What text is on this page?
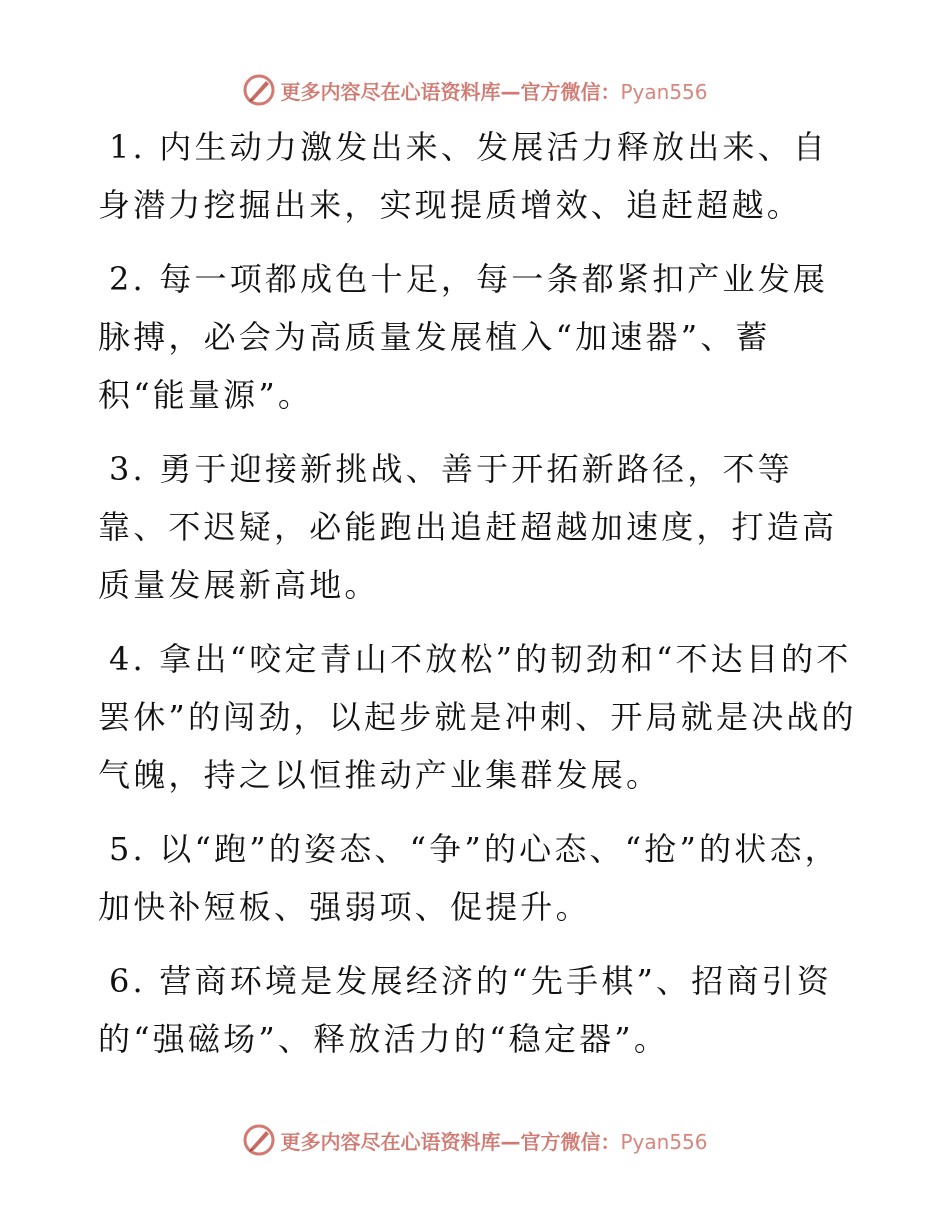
更多内容尽在心语资料库—官方微信：Pyan556

1. 内生动力激发出来、发展活力释放出来、自身潜力挖掘出来，实现提质增效、追赶超越。

2. 每一项都成色十足，每一条都紧扣产业发展脉搏，必会为高质量发展植入“加速器”、蓄积“能量源”。

3. 勇于迎接新挑战、善于开拓新路径，不等靠、不迟疑，必能跑出追赶超越加速度，打造高质量发展新高地。

4. 拿出“咬定青山不放松”的韧劲和“不达目的不罢休”的闯劲，以起步就是冲刺、开局就是决战的气魄，持之以恒推动产业集群发展。

5. 以“跑”的姿态、“争”的心态、“抢”的状态，加快补短板、强弱项、促提升。

6. 营商环境是发展经济的“先手棋”、招商引资的“强磁场”、释放活力的“稳定器”。

更多内容尽在心语资料库—官方微信：Pyan556
